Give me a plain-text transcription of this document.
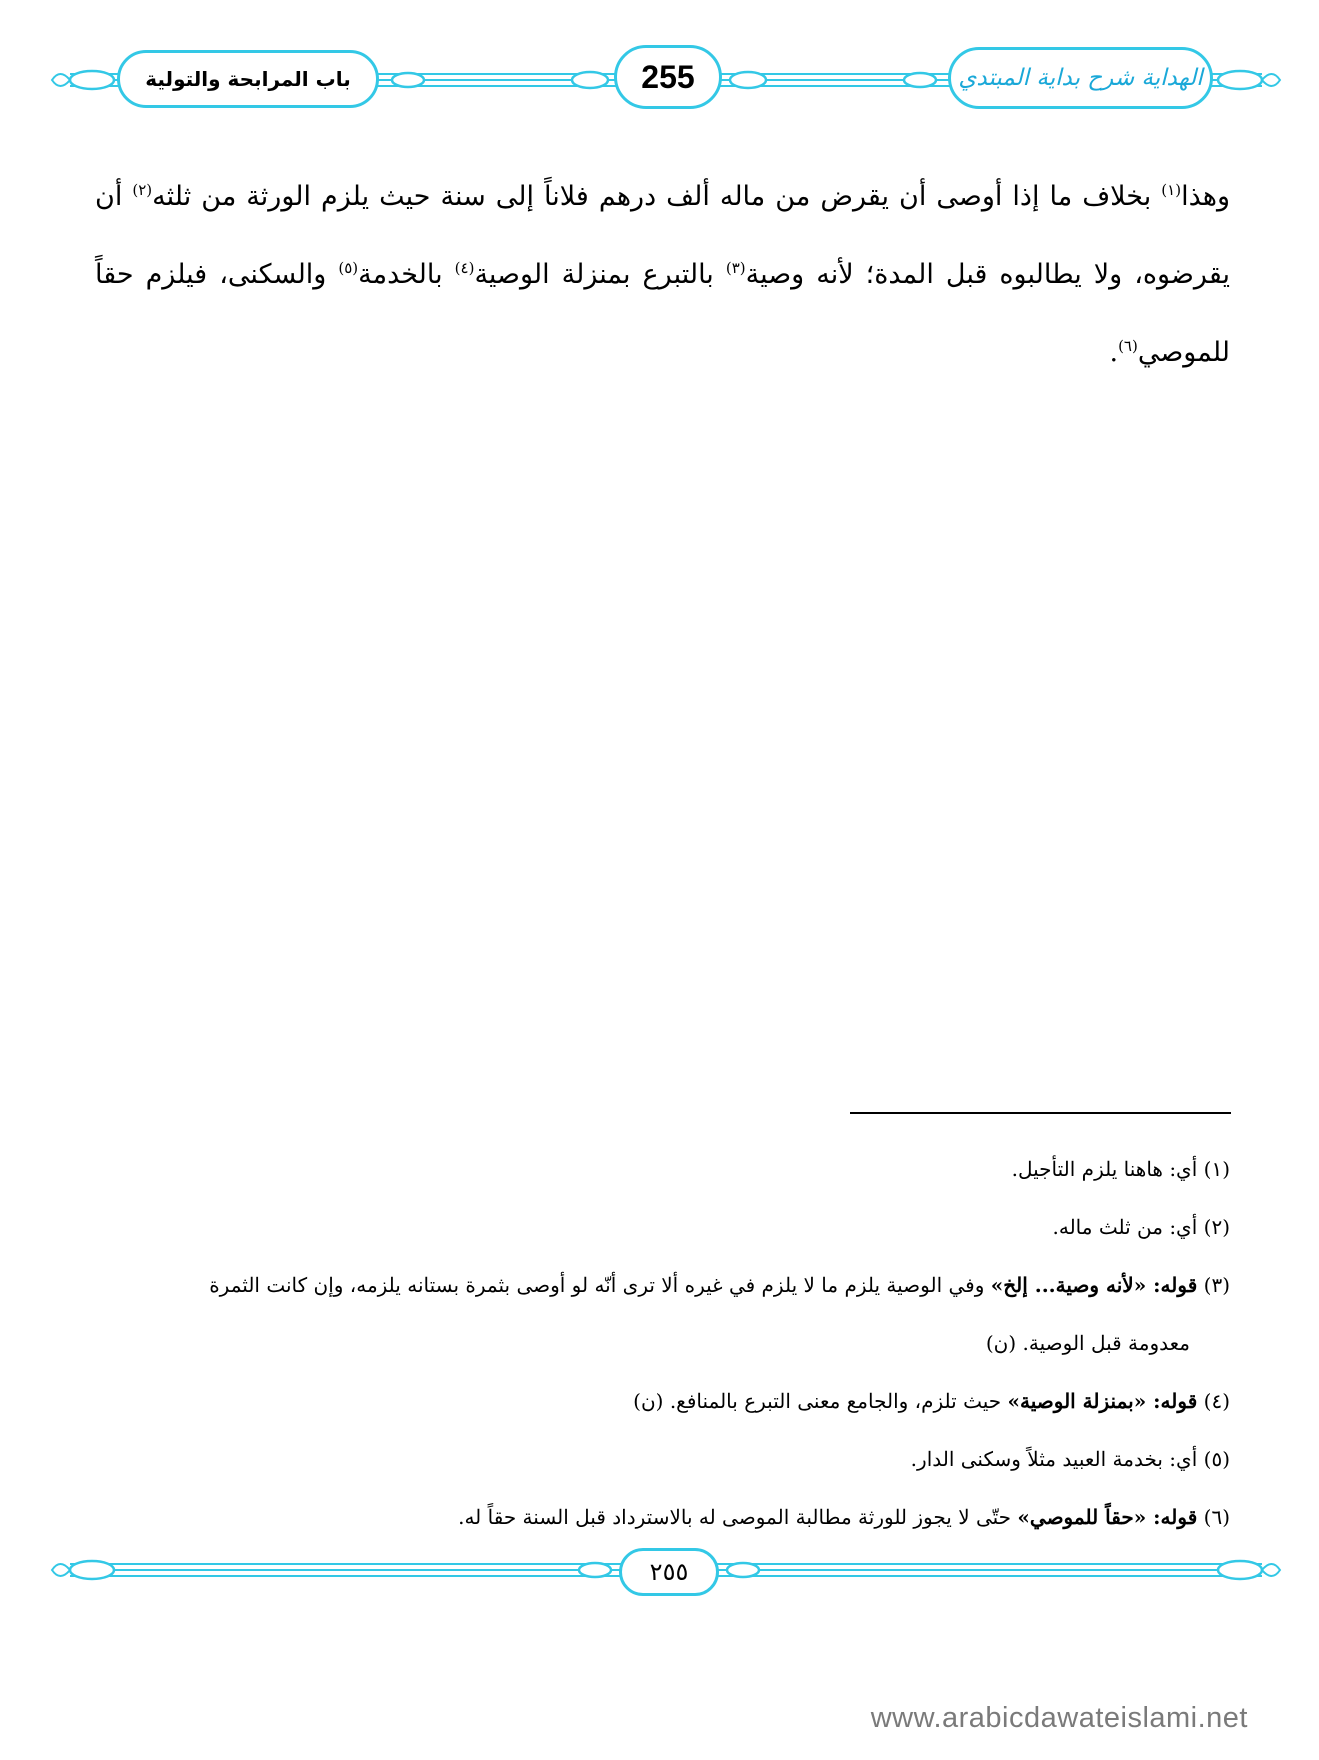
باب المرابحة والتولية	255	الهداية شرح بداية المبتدي
وهذا$^{(١)}$ بخلاف ما إذا أوصى أن يقرض من ماله ألف درهم فلاناً إلى سنة حيث يلزم الورثة من ثلثه$^{(٢)}$ أن يقرضوه، ولا يطالبوه قبل المدة؛ لأنه وصية$^{(٣)}$ بالتبرع بمنزلة الوصية$^{(٤)}$ بالخدمة$^{(٥)}$ والسكنى، فيلزم حقاً للموصي$^{(٦)}$.

(١) أي: هاهنا يلزم التأجيل.

(٢) أي: من ثلث ماله.

(٣) قوله: «لأنه وصية... إلخ» وفي الوصية يلزم ما لا يلزم في غيره ألا ترى أنّه لو أوصى بثمرة بستانه يلزمه، وإن كانت الثمرة

معدومة قبل الوصية. (ن)

(٤) قوله: «بمنزلة الوصية» حيث تلزم، والجامع معنى التبرع بالمنافع. (ن)

(٥) أي: بخدمة العبيد مثلاً وسكنى الدار.

(٦) قوله: «حقاً للموصي» حتّى لا يجوز للورثة مطالبة الموصى له بالاسترداد قبل السنة حقاً له.

٢٥٥
www.arabicdawateislami.net
